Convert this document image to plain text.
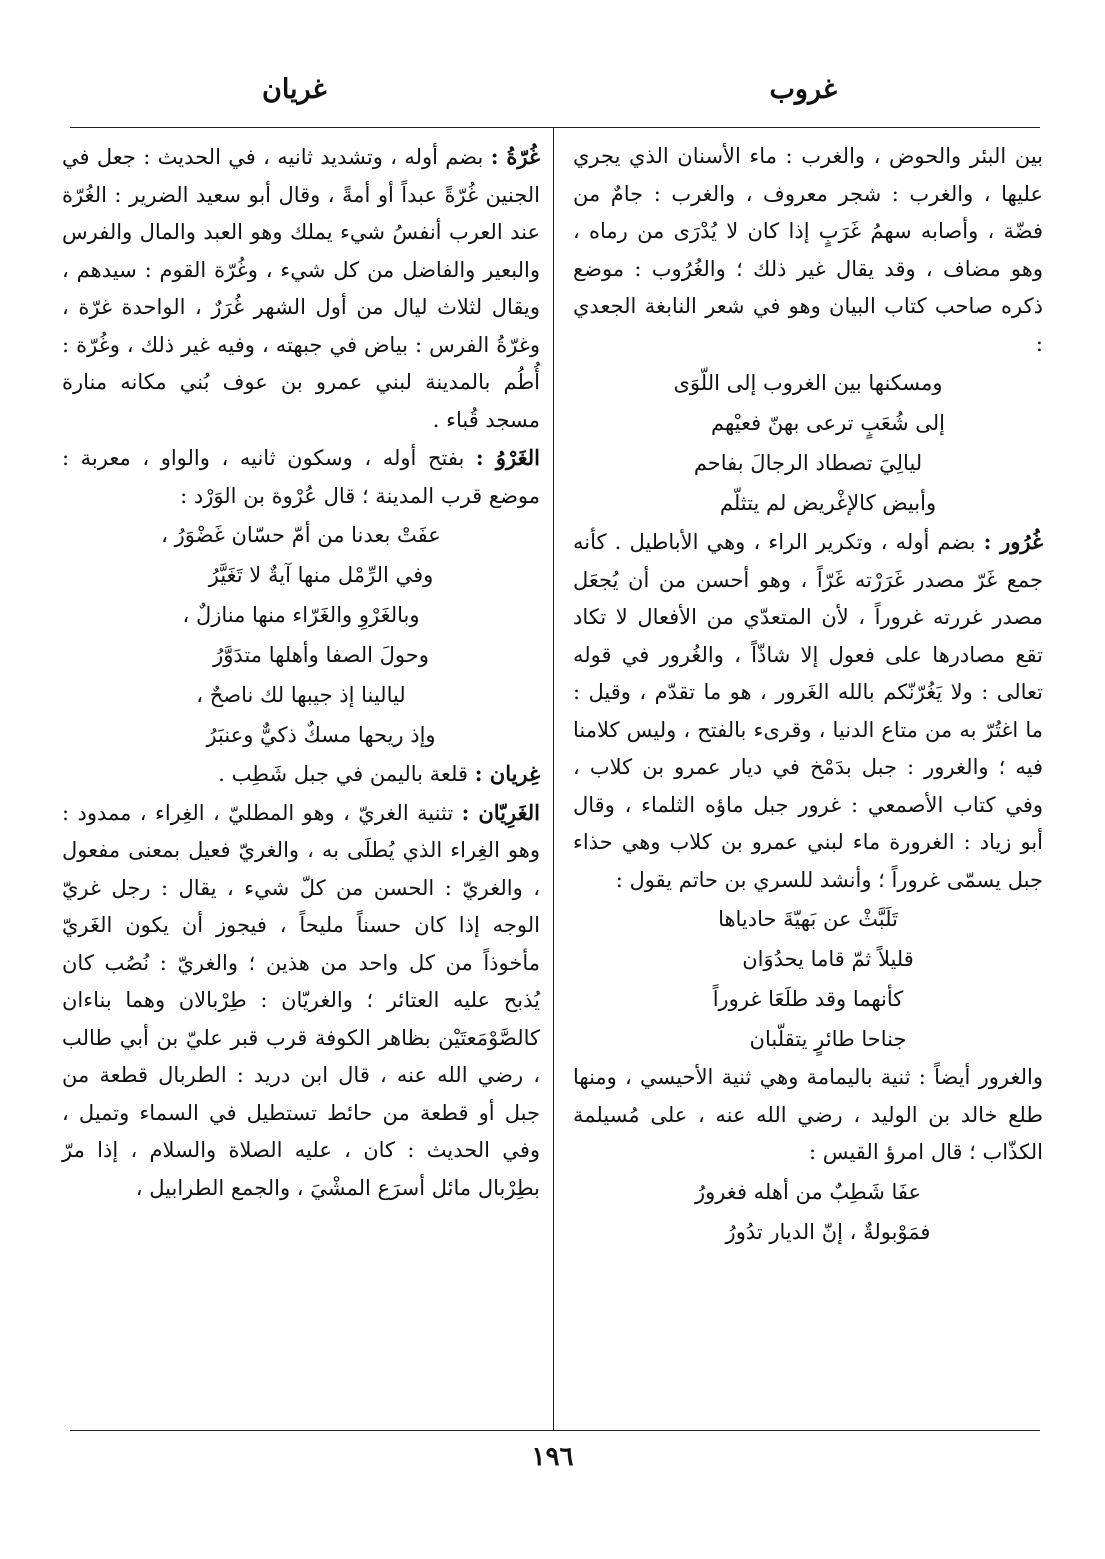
غروب
غريان

بين البئر والحوض ، والغرب : ماء الأسنان الذي يجري عليها ، والغرب : شجر معروف ، والغرب : جامٌ من فضّة ، وأصابه سهمُ غَرَبٍ إذا كان لا يُدْرَى من رماه ، وهو مضاف ، وقد يقال غير ذلك ؛ والغُرُوب : موضع ذكره صاحب كتاب البيان وهو في شعر النابغة الجعدي :

ومسكنها بين الغروب إلى اللّوَى

إلى شُعَبٍ ترعى بهنّ فعيْهم

ليالِيَ تصطاد الرجالَ بفاحم

وأبيض كالإغْريض لم يتثلّم

غُرُور : بضم أوله ، وتكرير الراء ، وهي الأباطيل . كأنه جمع غَرّ مصدر غَرَرْته غَرّاً ، وهو أحسن من أن يُجعَل مصدر غررته غروراً ، لأن المتعدّي من الأفعال لا تكاد تقع مصادرها على فعول إلا شاذّاً ، والغُرور في قوله تعالى : ولا يَغُرّنّكم بالله الغَرور ، هو ما تقدّم ، وقيل : ما اغتُرّ به من متاع الدنيا ، وقرىء بالفتح ، وليس كلامنا فيه ؛ والغرور : جبل بدَمْخ في ديار عمرو بن كلاب ، وفي كتاب الأصمعي : غرور جبل ماؤه الثلماء ، وقال أبو زياد : الغرورة ماء لبني عمرو بن كلاب وهي حذاء جبل يسمّى غروراً ؛ وأنشد للسري بن حاتم يقول :

تَلَبَّثْ عن بَهيّةَ حادياها

قليلاً ثمّ قاما يحدُوَان

كأنهما وقد طلَعَا غروراً

جناحا طائرٍ يتقلّبان

والغرور أيضاً : ثنية باليمامة وهي ثنية الأحيسي ، ومنها طلع خالد بن الوليد ، رضي الله عنه ، على مُسيلمة الكذّاب ؛ قال امرؤ القيس :

عفَا شَطِبٌ من أهله فغرورُ

فمَوْبولةٌ ، إنّ الديار تدُورُ

غُرّةُ : بضم أوله ، وتشديد ثانيه ، في الحديث : جعل في الجنين غُرّةً عبداً أو أمةً ، وقال أبو سعيد الضرير : الغُرّة عند العرب أنفسُ شيء يملك وهو العبد والمال والفرس والبعير والفاضل من كل شيء ، وغُرّة القوم : سيدهم ، ويقال لثلاث ليال من أول الشهر غُرَرٌ ، الواحدة غرّة ، وغرّةُ الفرس : بياض في جبهته ، وفيه غير ذلك ، وغُرّة : أُطُم بالمدينة لبني عمرو بن عوف بُني مكانه منارة مسجد قُباء .

الغَرْوُ : بفتح أوله ، وسكون ثانيه ، والواو ، معربة : موضع قرب المدينة ؛ قال عُرْوة بن الوَرْد :

عفَتْ بعدنا من أمّ حسّان غَضْوَرُ ،

وفي الرِّمْل منها آيةٌ لا تَغَيَّرُ

وبالغَرْوِ والغَرّاء منها منازلٌ ،

وحولَ الصفا وأهلها متدَوَّرُ

ليالينا إذ جيبها لك ناصحٌ ،

وإذ ريحها مسكٌ ذكيٌّ وعنبَرُ

غِريان : قلعة باليمن في جبل شَطِب .

الغَرِيّان : تثنية الغريّ ، وهو المطليّ ، الغِراء ، ممدود : وهو الغِراء الذي يُطلَى به ، والغريّ فعيل بمعنى مفعول ، والغريّ : الحسن من كلّ شيء ، يقال : رجل غريّ الوجه إذا كان حسناً مليحاً ، فيجوز أن يكون الغَريّ مأخوذاً من كل واحد من هذين ؛ والغريّ : نُصُب كان يُذبح عليه العتائر ؛ والغريّان : طِرْبالان وهما بناءان كالصَّوْمَعتَيْن بظاهر الكوفة قرب قبر عليّ بن أبي طالب ، رضي الله عنه ، قال ابن دريد : الطربال قطعة من جبل أو قطعة من حائط تستطيل في السماء وتميل ، وفي الحديث : كان ، عليه الصلاة والسلام ، إذا مرّ بطِرْبال مائل أسرَع المشْيَ ، والجمع الطرابيل ،

١٩٦
